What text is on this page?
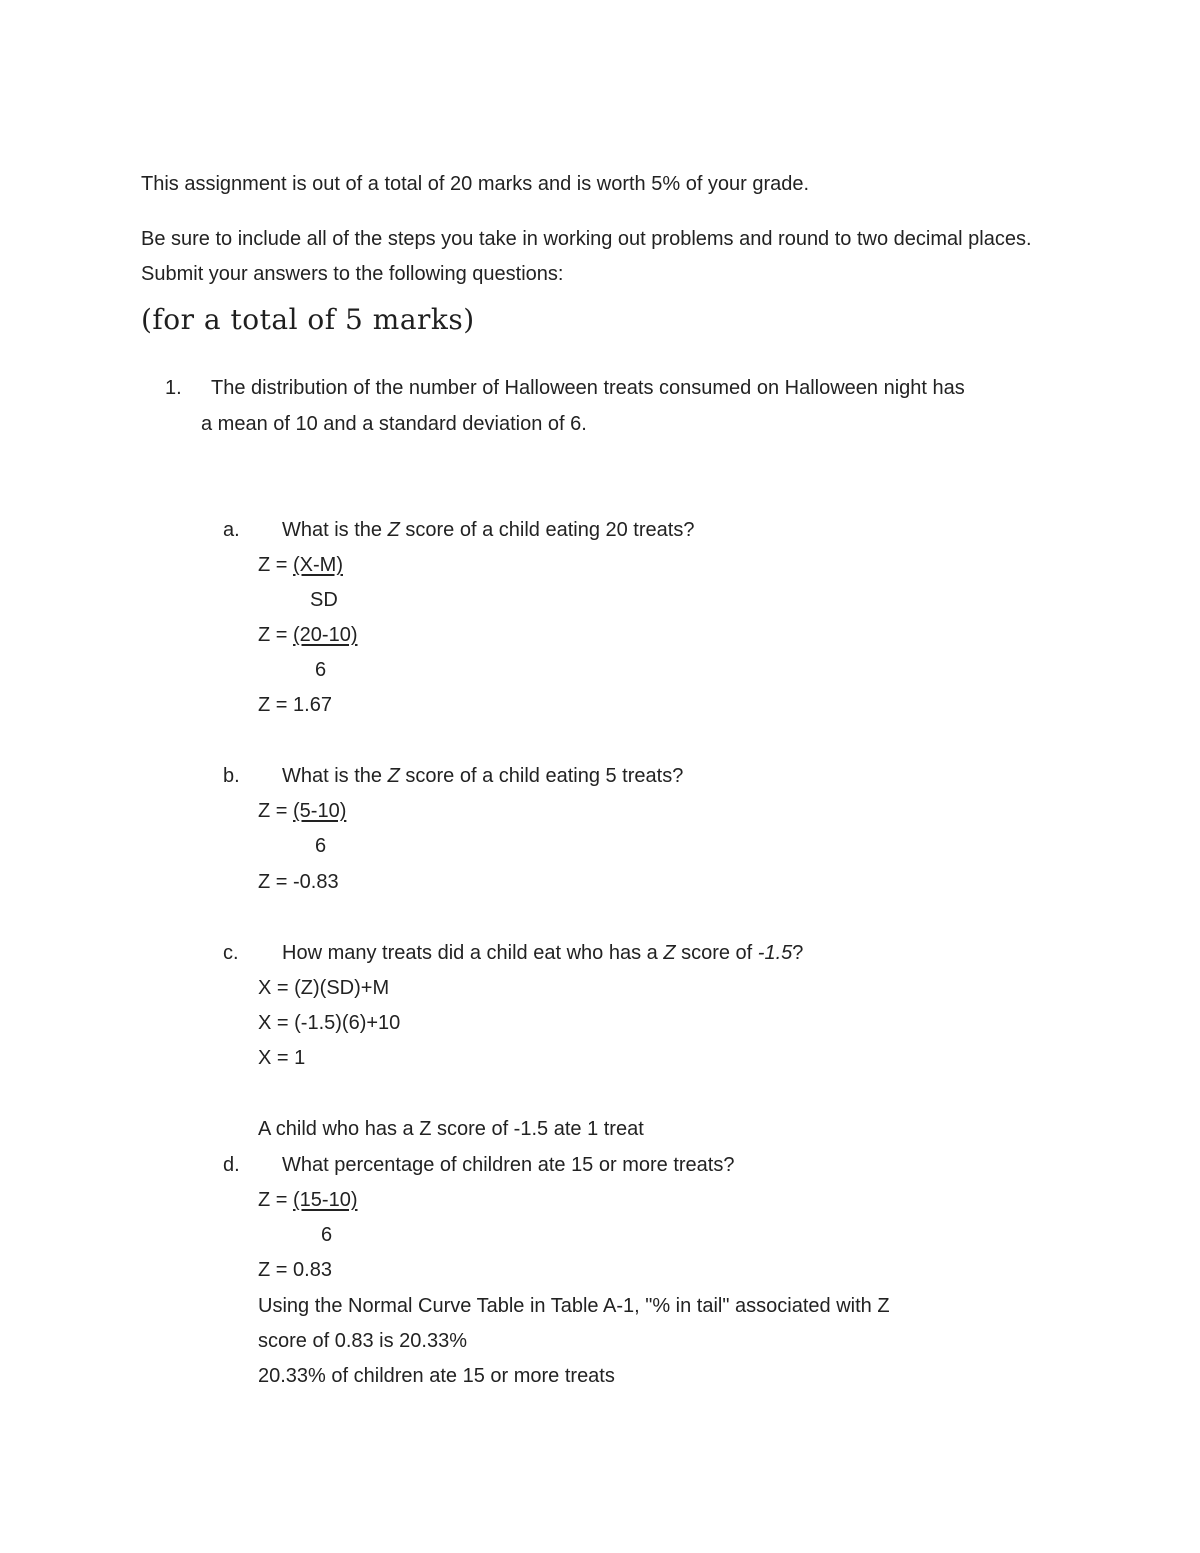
This assignment is out of a total of 20 marks and is worth 5% of your grade.

Be sure to include all of the steps you take in working out problems and round to two decimal places.

Submit your answers to the following questions:

(for a total of 5 marks)
1. The distribution of the number of Halloween treats consumed on Halloween night has
a mean of 10 and a standard deviation of 6.
a. What is the Z score of a child eating 20 treats?
Z = (X-M)
SD
Z = (20-10)
6
Z = 1.67
b. What is the Z score of a child eating 5 treats?
Z = (5-10)
6
Z = -0.83
c. How many treats did a child eat who has a Z score of -1.5?
X = (Z)(SD)+M
X = (-1.5)(6)+10
X = 1
A child who has a Z score of -1.5 ate 1 treat
d. What percentage of children ate 15 or more treats?
Z = (15-10)
6
Z = 0.83
Using the Normal Curve Table in Table A-1, "% in tail" associated with Z
score of 0.83 is 20.33%
20.33% of children ate 15 or more treats
